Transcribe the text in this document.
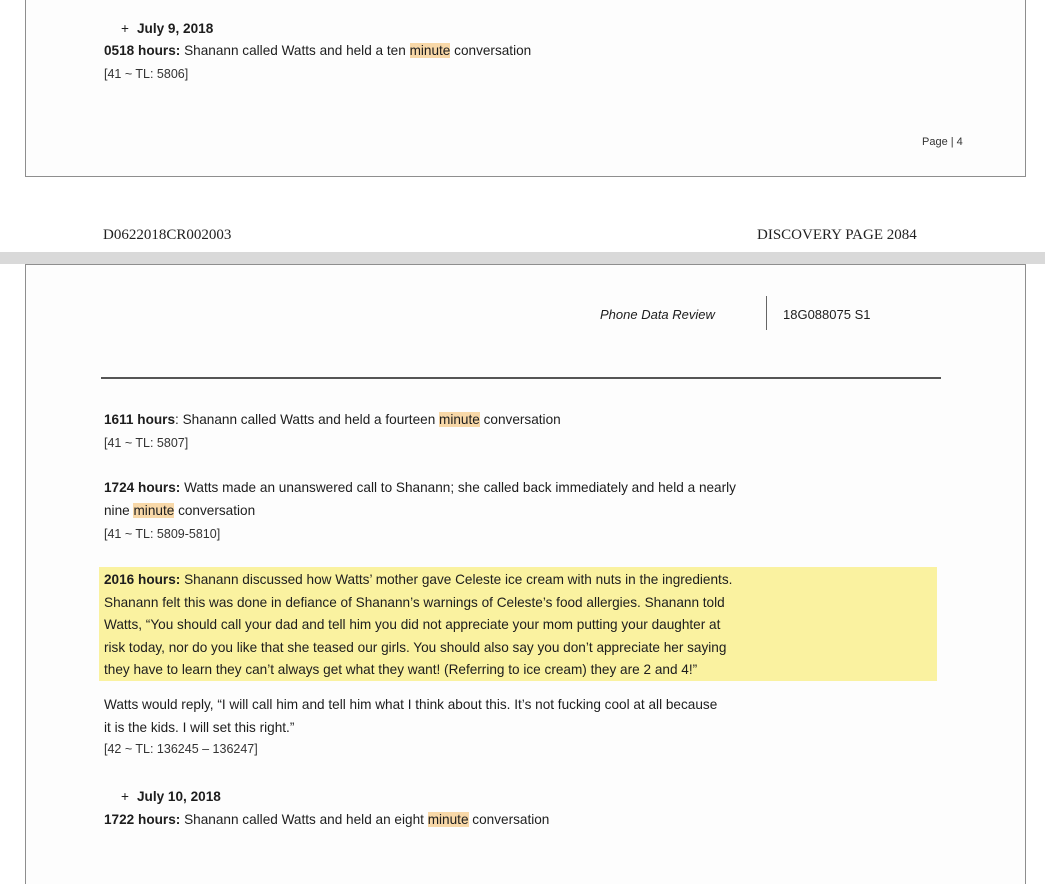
+ July 9, 2018
0518 hours: Shanann called Watts and held a ten minute conversation
[41 ~ TL: 5806]
Page | 4
D0622018CR002003	DISCOVERY PAGE 2084
Phone Data Review	18G088075 S1
1611 hours: Shanann called Watts and held a fourteen minute conversation
[41 ~ TL: 5807]
1724 hours: Watts made an unanswered call to Shanann; she called back immediately and held a nearly
nine minute conversation
[41 ~ TL: 5809-5810]
2016 hours: Shanann discussed how Watts’ mother gave Celeste ice cream with nuts in the ingredients.
Shanann felt this was done in defiance of Shanann’s warnings of Celeste’s food allergies. Shanann told
Watts, “You should call your dad and tell him you did not appreciate your mom putting your daughter at
risk today, nor do you like that she teased our girls. You should also say you don’t appreciate her saying
they have to learn they can’t always get what they want! (Referring to ice cream) they are 2 and 4!”
Watts would reply, “I will call him and tell him what I think about this. It’s not fucking cool at all because
it is the kids. I will set this right.”
[42 ~ TL: 136245 – 136247]
+ July 10, 2018
1722 hours: Shanann called Watts and held an eight minute conversation
